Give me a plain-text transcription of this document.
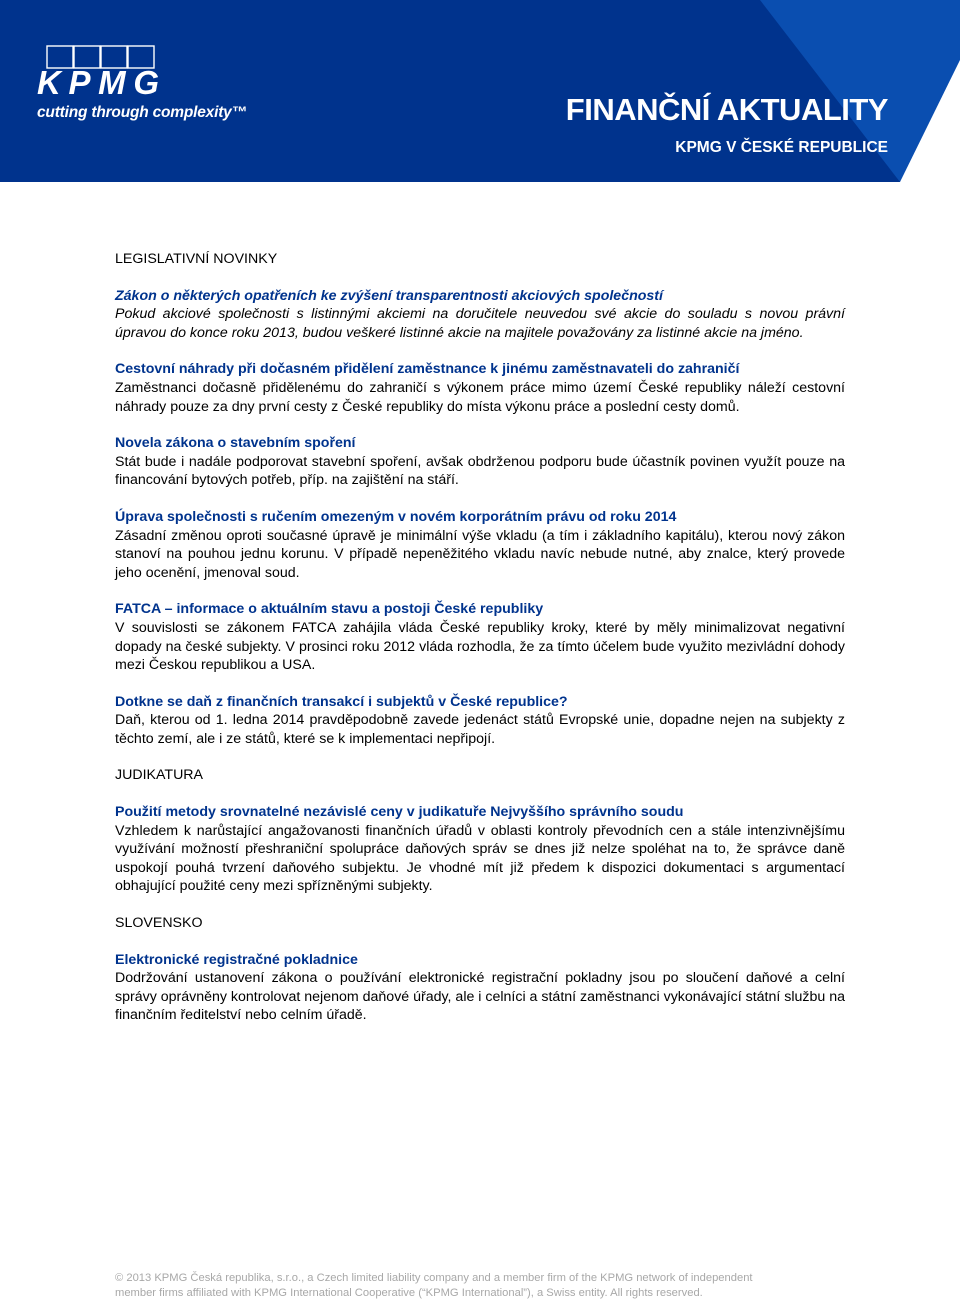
KPMG
cutting through complexity™	FINANČNÍ AKTUALITY
KPMG V ČESKÉ REPUBLICE
LEGISLATIVNÍ NOVINKY
Zákon o některých opatřeních ke zvýšení transparentnosti akciových společností
Pokud akciové společnosti s listinnými akciemi na doručitele neuvedou své akcie do souladu s novou právní úpravou do konce roku 2013, budou veškeré listinné akcie na majitele považovány za listinné akcie na jméno.
Cestovní náhrady při dočasném přidělení zaměstnance k jinému zaměstnavateli do zahraničí
Zaměstnanci dočasně přidělenému do zahraničí s výkonem práce mimo území České republiky náleží cestovní náhrady pouze za dny první cesty z České republiky do místa výkonu práce a poslední cesty domů.
Novela zákona o stavebním spoření
Stát bude i nadále podporovat stavební spoření, avšak obdrženou podporu bude účastník povinen využít pouze na financování bytových potřeb, příp. na zajištění na stáří.
Úprava společnosti s ručením omezeným v novém korporátním právu od roku 2014
Zásadní změnou oproti současné úpravě je minimální výše vkladu (a tím i základního kapitálu), kterou nový zákon stanoví na pouhou jednu korunu. V případě nepeněžitého vkladu navíc nebude nutné, aby znalce, který provede jeho ocenění, jmenoval soud.
FATCA – informace o aktuálním stavu a postoji České republiky
V souvislosti se zákonem FATCA zahájila vláda České republiky kroky, které by měly minimalizovat negativní dopady na české subjekty. V prosinci roku 2012 vláda rozhodla, že za tímto účelem bude využito mezivládní dohody mezi Českou republikou a USA.
Dotkne se daň z finančních transakcí i subjektů v České republice?
Daň, kterou od 1. ledna 2014 pravděpodobně zavede jedenáct států Evropské unie, dopadne nejen na subjekty z těchto zemí, ale i ze států, které se k implementaci nepřipojí.
JUDIKATURA
Použití metody srovnatelné nezávislé ceny v judikatuře Nejvyššího správního soudu
Vzhledem k narůstající angažovanosti finančních úřadů v oblasti kontroly převodních cen a stále intenzivnějšímu využívání možností přeshraniční spolupráce daňových správ se dnes již nelze spoléhat na to, že správce daně uspokojí pouhá tvrzení daňového subjektu. Je vhodné mít již předem k dispozici dokumentaci s argumentací obhajující použité ceny mezi spřízněnými subjekty.
SLOVENSKO
Elektronické registračné pokladnice
Dodržování ustanovení zákona o používání elektronické registrační pokladny jsou po sloučení daňové a celní správy oprávněny kontrolovat nejenom daňové úřady, ale i celníci a státní zaměstnanci vykonávající státní službu na finančním ředitelství nebo celním úřadě.
© 2013 KPMG Česká republika, s.r.o., a Czech limited liability company and a member firm of the KPMG network of independent
member firms affiliated with KPMG International Cooperative (“KPMG International”), a Swiss entity. All rights reserved.
